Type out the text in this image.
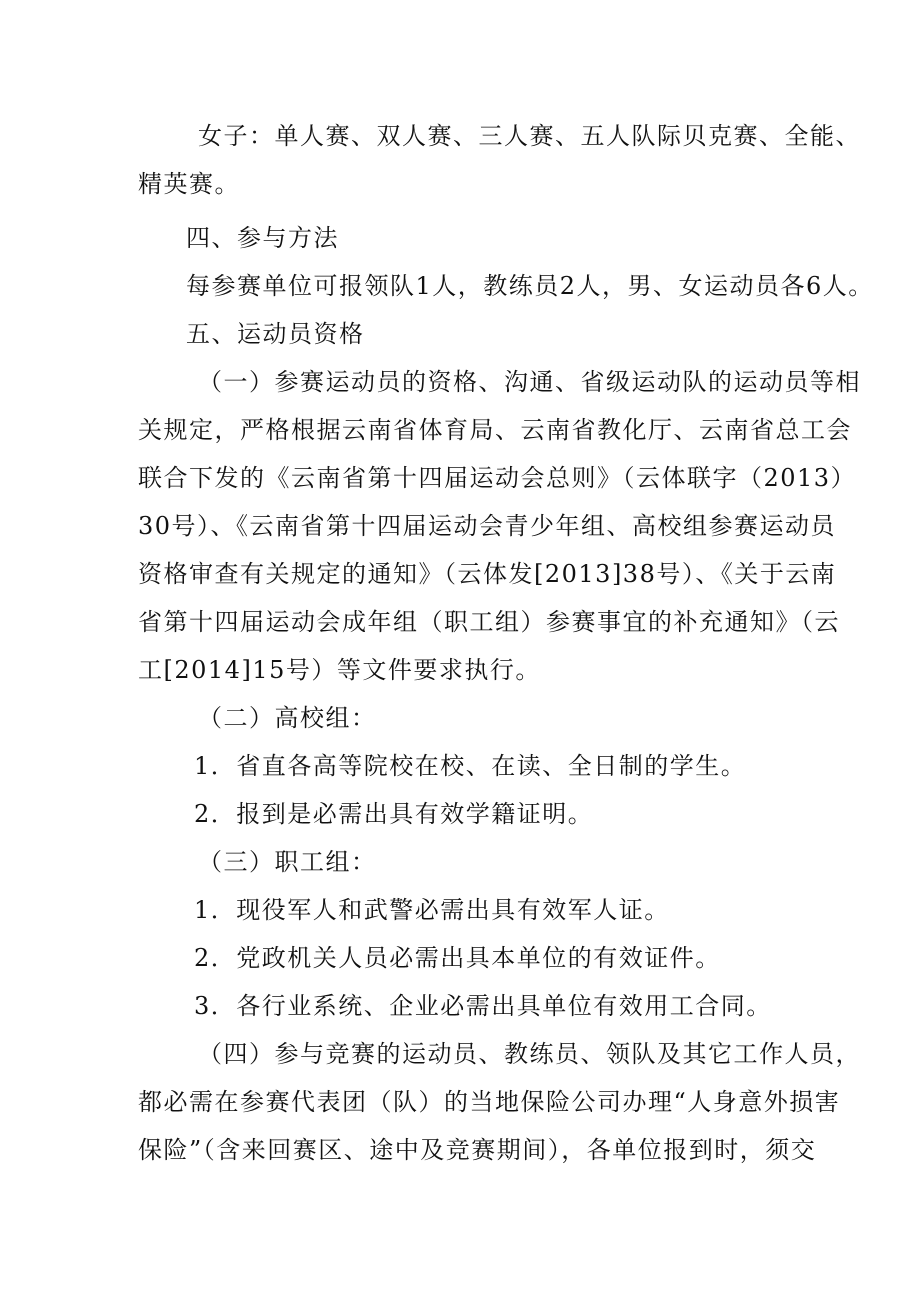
女子：单人赛、双人赛、三人赛、五人队际贝克赛、全能、
精英赛。
四、参与方法
每参赛单位可报领队1人，教练员2人，男、女运动员各6人。
五、运动员资格
（一）参赛运动员的资格、沟通、省级运动队的运动员等相
关规定，严格根据云南省体育局、云南省教化厅、云南省总工会
联合下发的《云南省第十四届运动会总则》（云体联字（2013）
30号）、《云南省第十四届运动会青少年组、高校组参赛运动员
资格审查有关规定的通知》（云体发[2013]38号）、《关于云南
省第十四届运动会成年组（职工组）参赛事宜的补充通知》（云
工[2014]15号）等文件要求执行。
（二）高校组：
1．省直各高等院校在校、在读、全日制的学生。
2．报到是必需出具有效学籍证明。
（三）职工组：
1．现役军人和武警必需出具有效军人证。
2．党政机关人员必需出具本单位的有效证件。
3．各行业系统、企业必需出具单位有效用工合同。
（四）参与竞赛的运动员、教练员、领队及其它工作人员，
都必需在参赛代表团（队）的当地保险公司办理“人身意外损害
保险”（含来回赛区、途中及竞赛期间），各单位报到时，须交
